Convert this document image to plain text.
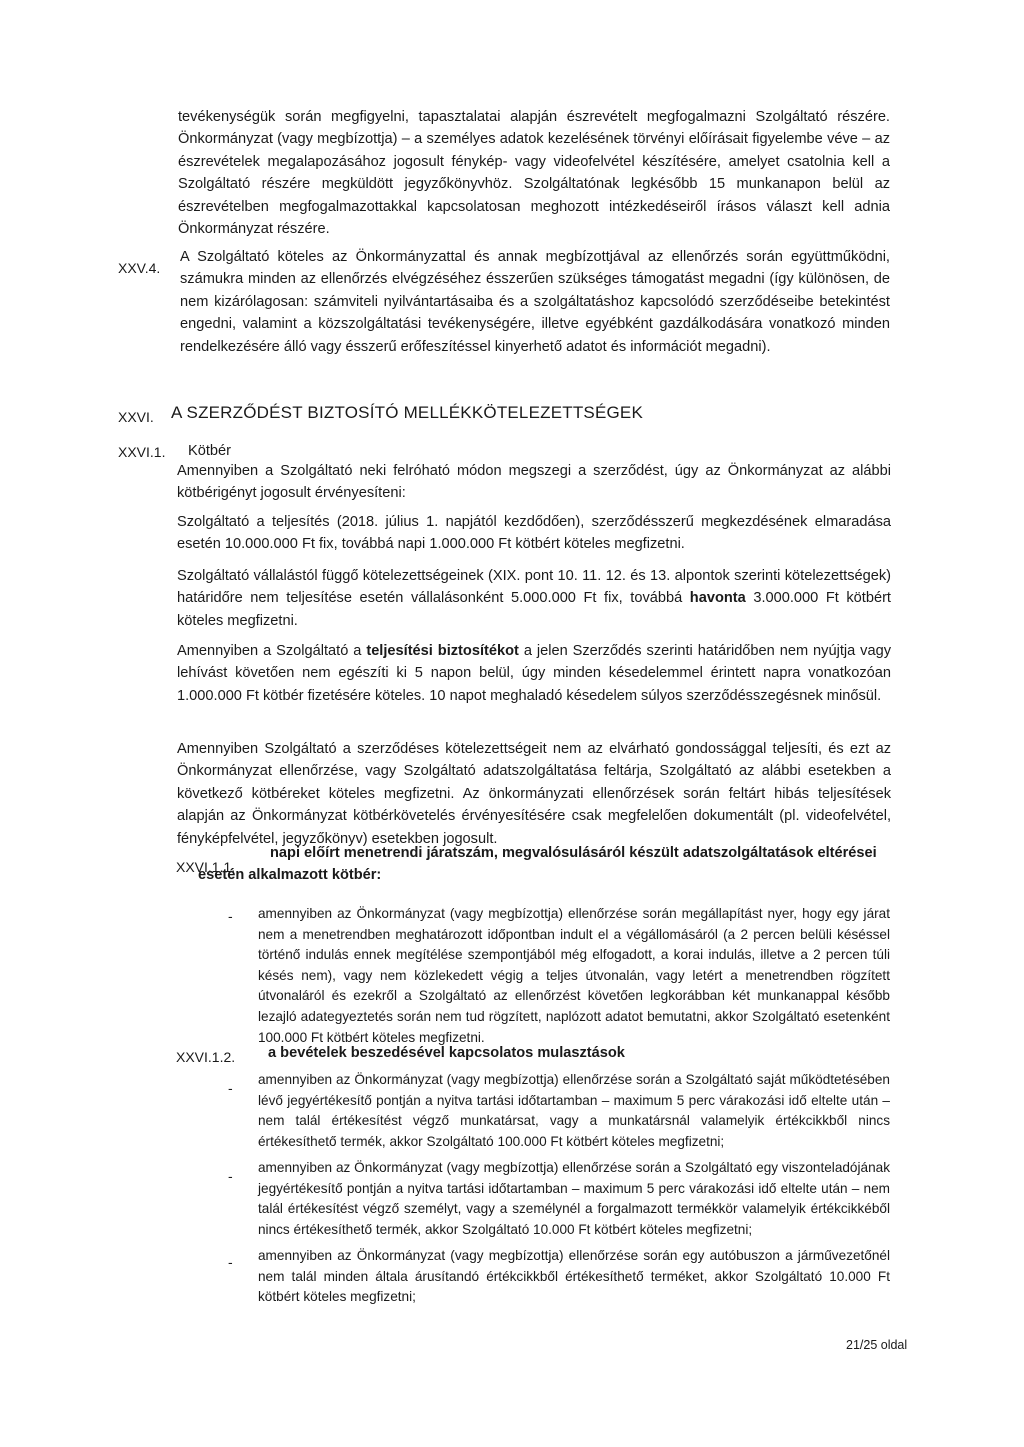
tevékenységük során megfigyelni, tapasztalatai alapján észrevételt megfogalmazni Szolgáltató részére. Önkormányzat (vagy megbízottja) – a személyes adatok kezelésének törvényi előírásait figyelembe véve – az észrevételek megalapozásához jogosult fénykép- vagy videofelvétel készítésére, amelyet csatolnia kell a Szolgáltató részére megküldött jegyzőkönyvhöz. Szolgáltatónak legkésőbb 15 munkanapon belül az észrevételben megfogalmazottakkal kapcsolatosan meghozott intézkedéseiről írásos választ kell adnia Önkormányzat részére.

XXV.4.

A Szolgáltató köteles az Önkormányzattal és annak megbízottjával az ellenőrzés során együttműködni, számukra minden az ellenőrzés elvégzéséhez ésszerűen szükséges támogatást megadni (így különösen, de nem kizárólagosan: számviteli nyilvántartásaiba és a szolgáltatáshoz kapcsolódó szerződéseibe betekintést engedni, valamint a közszolgáltatási tevékenységére, illetve egyébként gazdálkodására vonatkozó minden rendelkezésére álló vagy ésszerű erőfeszítéssel kinyerhető adatot és információt megadni).

XXVI. A SZERZŐDÉST BIZTOSÍTÓ MELLÉKKÖTELEZETTSÉGEK
XXVI.1. Kötbér

Amennyiben a Szolgáltató neki felróható módon megszegi a szerződést, úgy az Önkormányzat az alábbi kötbérigényt jogosult érvényesíteni:

Szolgáltató a teljesítés (2018. július 1. napjától kezdődően), szerződésszerű megkezdésének elmaradása esetén 10.000.000 Ft fix, továbbá napi 1.000.000 Ft kötbért köteles megfizetni.

Szolgáltató vállalástól függő kötelezettségeinek (XIX. pont 10. 11. 12. és 13. alpontok szerinti kötelezettségek) határidőre nem teljesítése esetén vállalásonként 5.000.000 Ft fix, továbbá havonta 3.000.000 Ft kötbért köteles megfizetni.

Amennyiben a Szolgáltató a teljesítési biztosítékot a jelen Szerződés szerinti határidőben nem nyújtja vagy lehívást követően nem egészíti ki 5 napon belül, úgy minden késedelemmel érintett napra vonatkozóan 1.000.000 Ft kötbér fizetésére köteles. 10 napot meghaladó késedelem súlyos szerződésszegésnek minősül.

Amennyiben Szolgáltató a szerződéses kötelezettségeit nem az elvárható gondossággal teljesíti, és ezt az Önkormányzat ellenőrzése, vagy Szolgáltató adatszolgáltatása feltárja, Szolgáltató az alábbi esetekben a következő kötbéreket köteles megfizetni. Az önkormányzati ellenőrzések során feltárt hibás teljesítések alapján az Önkormányzat kötbérkövetelés érvényesítésére csak megfelelően dokumentált (pl. videofelvétel, fényképfelvétel, jegyzőkönyv) esetekben jogosult.

XXVI.1.1.

napi előírt menetrendi járatszám, megvalósulásáról készült adatszolgáltatások eltérései esetén alkalmazott kötbér:

- amennyiben az Önkormányzat (vagy megbízottja) ellenőrzése során megállapítást nyer, hogy egy járat nem a menetrendben meghatározott időpontban indult el a végállomásáról (a 2 percen belüli késéssel történő indulás ennek megítélése szempontjából még elfogadott, a korai indulás, illetve a 2 percen túli késés nem), vagy nem közlekedett végig a teljes útvonalán, vagy letért a menetrendben rögzített útvonaláról és ezekről a Szolgáltató az ellenőrzést követően legkorábban két munkanappal később lezajló adategyeztetés során nem tud rögzített, naplózott adatot bemutatni, akkor Szolgáltató esetenként 100.000 Ft kötbért köteles megfizetni.
XXVI.1.2. a bevételek beszedésével kapcsolatos mulasztások

-
amennyiben az Önkormányzat (vagy megbízottja) ellenőrzése során a Szolgáltató saját működtetésében lévő jegyértékesítő pontján a nyitva tartási időtartamban – maximum 5 perc várakozási idő eltelte után – nem talál értékesítést végző munkatársat, vagy a munkatársnál valamelyik értékcikkből nincs értékesíthető termék, akkor Szolgáltató 100.000 Ft kötbért köteles megfizetni;
-
amennyiben az Önkormányzat (vagy megbízottja) ellenőrzése során a Szolgáltató egy viszonteladójának jegyértékesítő pontján a nyitva tartási időtartamban – maximum 5 perc várakozási idő eltelte után – nem talál értékesítést végző személyt, vagy a személynél a forgalmazott termékkör valamelyik értékcikkéből nincs értékesíthető termék, akkor Szolgáltató 10.000 Ft kötbért köteles megfizetni;
- amennyiben az Önkormányzat (vagy megbízottja) ellenőrzése során egy autóbuszon a járművezetőnél nem talál minden általa árusítandó értékcikkből értékesíthető terméket, akkor Szolgáltató 10.000 Ft kötbért köteles megfizetni;
21/25 oldal
